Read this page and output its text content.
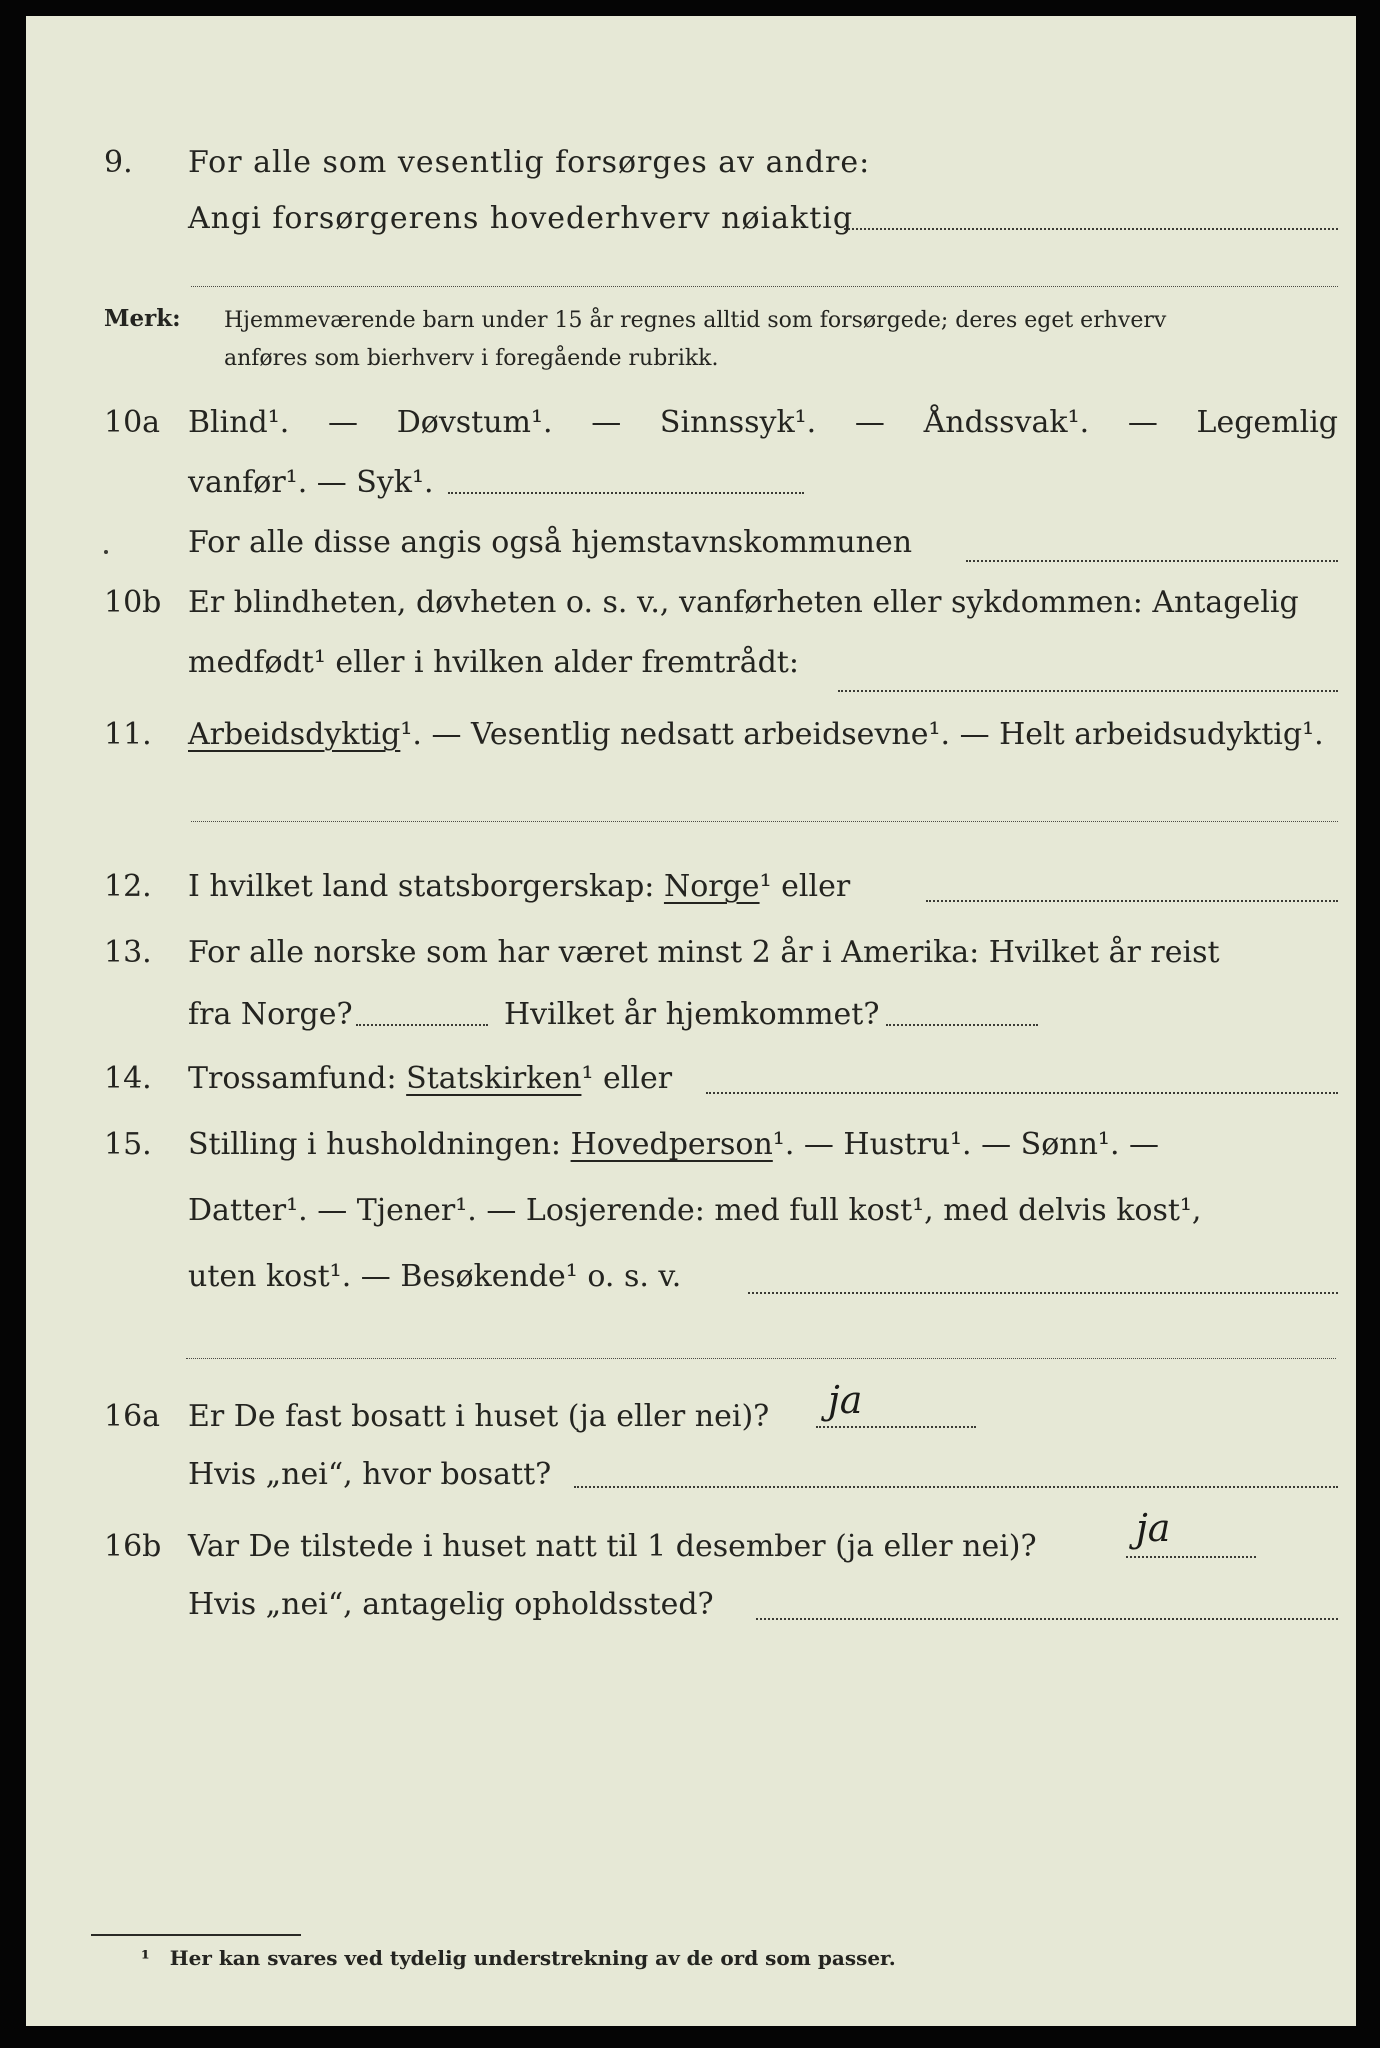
9. For alle som vesentlig forsørges av andre:
Angi forsørgerens hovederhverv nøiaktig
Merk: Hjemmeværende barn under 15 år regnes alltid som forsørgede; deres eget erhverv
anføres som bierhverv i foregående rubrikk.
10a Blind¹. — Døvstum¹. — Sinnssyk¹. — Åndssvak¹. — Legemlig
vanfør¹. — Syk¹.
For alle disse angis også hjemstavnskommunen
10b Er blindheten, døvheten o. s. v., vanførheten eller sykdommen: Antagelig
medfødt¹ eller i hvilken alder fremtrådt:
11. Arbeidsdyktig¹. — Vesentlig nedsatt arbeidsevne¹. — Helt arbeidsudyktig¹.
12. I hvilket land statsborgerskap: Norge¹ eller
13. For alle norske som har været minst 2 år i Amerika: Hvilket år reist
fra Norge?	Hvilket år hjemkommet?
14. Trossamfund: Statskirken¹ eller
15. Stilling i husholdningen: Hovedperson¹. — Hustru¹. — Sønn¹. —
Datter¹. — Tjener¹. — Losjerende: med full kost¹, med delvis kost¹,
uten kost¹. — Besøkende¹ o. s. v.
16a Er De fast bosatt i huset (ja eller nei)? ja
Hvis „nei“, hvor bosatt?
16b Var De tilstede i huset natt til 1 desember (ja eller nei)?	ja
Hvis „nei“, antagelig opholdssted?
¹ Her kan svares ved tydelig understrekning av de ord som passer.
